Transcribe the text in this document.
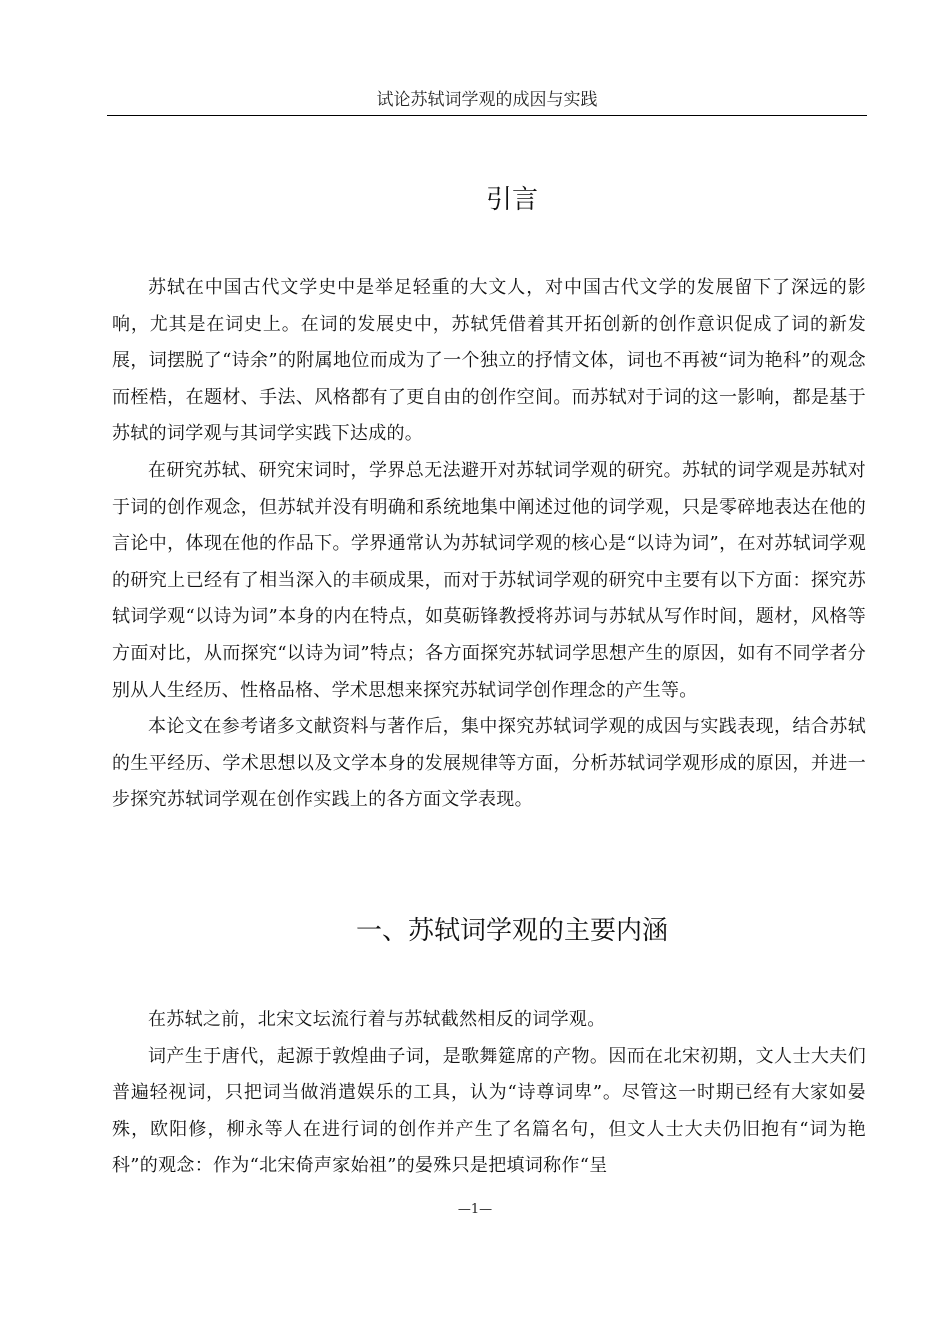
试论苏轼词学观的成因与实践
引言

苏轼在中国古代文学史中是举足轻重的大文人，对中国古代文学的发展留下了深远的影响，尤其是在词史上。在词的发展史中，苏轼凭借着其开拓创新的创作意识促成了词的新发展，词摆脱了“诗余”的附属地位而成为了一个独立的抒情文体，词也不再被“词为艳科”的观念而桎梏，在题材、手法、风格都有了更自由的创作空间。而苏轼对于词的这一影响，都是基于苏轼的词学观与其词学实践下达成的。

在研究苏轼、研究宋词时，学界总无法避开对苏轼词学观的研究。苏轼的词学观是苏轼对于词的创作观念，但苏轼并没有明确和系统地集中阐述过他的词学观，只是零碎地表达在他的言论中，体现在他的作品下。学界通常认为苏轼词学观的核心是“以诗为词”，在对苏轼词学观的研究上已经有了相当深入的丰硕成果，而对于苏轼词学观的研究中主要有以下方面：探究苏轼词学观“以诗为词”本身的内在特点，如莫砺锋教授将苏词与苏轼从写作时间，题材，风格等方面对比，从而探究“以诗为词”特点；各方面探究苏轼词学思想产生的原因，如有不同学者分别从人生经历、性格品格、学术思想来探究苏轼词学创作理念的产生等。

本论文在参考诸多文献资料与著作后，集中探究苏轼词学观的成因与实践表现，结合苏轼的生平经历、学术思想以及文学本身的发展规律等方面，分析苏轼词学观形成的原因，并进一步探究苏轼词学观在创作实践上的各方面文学表现。

一、苏轼词学观的主要内涵

在苏轼之前，北宋文坛流行着与苏轼截然相反的词学观。

词产生于唐代，起源于敦煌曲子词，是歌舞筵席的产物。因而在北宋初期，文人士大夫们普遍轻视词，只把词当做消遣娱乐的工具，认为“诗尊词卑”。尽管这一时期已经有大家如晏殊，欧阳修，柳永等人在进行词的创作并产生了名篇名句，但文人士大夫仍旧抱有“词为艳科”的观念：作为“北宋倚声家始祖”的晏殊只是把填词称作“呈

—1—
